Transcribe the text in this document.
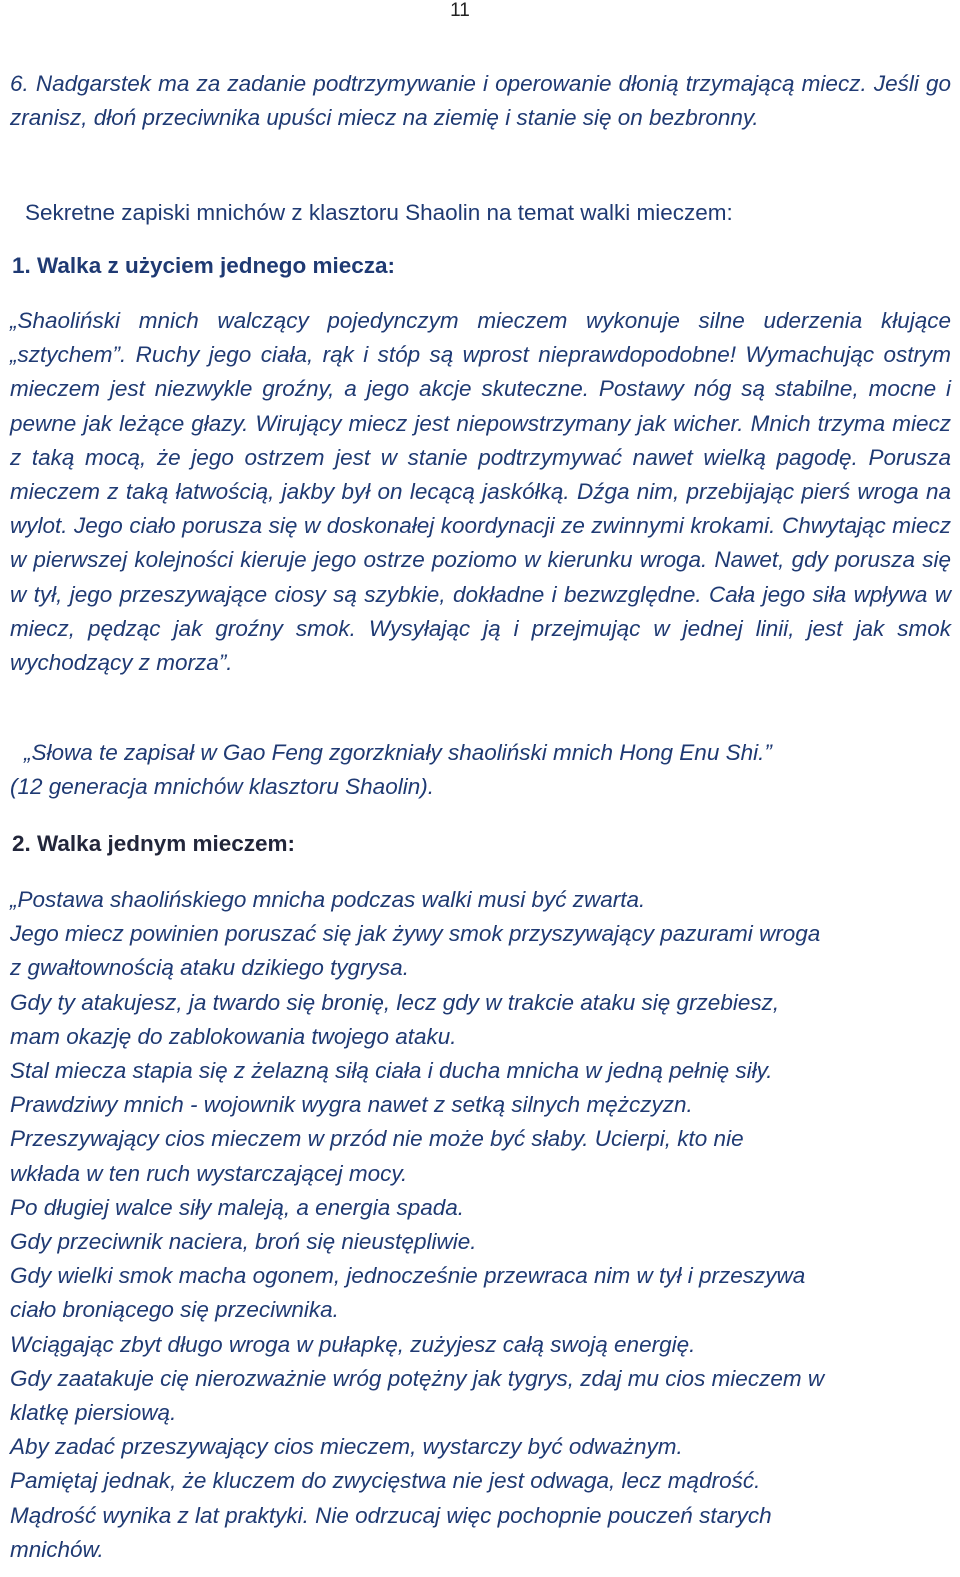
11

6. Nadgarstek ma za zadanie podtrzymywanie i operowanie dłonią trzymającą miecz. Jeśli go zranisz, dłoń przeciwnika upuści miecz na ziemię i stanie się on bezbronny.

Sekretne zapiski mnichów z klasztoru Shaolin na temat walki mieczem:

1. Walka z użyciem jednego miecza:

„Shaoliński mnich walczący pojedynczym mieczem wykonuje silne uderzenia kłujące „sztychem”. Ruchy jego ciała, rąk i stóp są wprost nieprawdopodobne! Wymachując ostrym mieczem jest niezwykle groźny, a jego akcje skuteczne. Postawy nóg są stabilne, mocne i pewne jak leżące głazy. Wirujący miecz jest niepowstrzymany jak wicher. Mnich trzyma miecz z taką mocą, że jego ostrzem jest w stanie podtrzymywać nawet wielką pagodę. Porusza mieczem z taką łatwością, jakby był on lecącą jaskółką. Dźga nim, przebijając pierś wroga na wylot. Jego ciało porusza się w doskonałej koordynacji ze zwinnymi krokami. Chwytając miecz w pierwszej kolejności kieruje jego ostrze poziomo w kierunku wroga. Nawet, gdy porusza się w tył, jego przeszywające ciosy są szybkie, dokładne i bezwzględne. Cała jego siła wpływa w miecz, pędząc jak groźny smok. Wysyłając ją i przejmując w jednej linii, jest jak smok wychodzący z morza”.

„Słowa te zapisał w Gao Feng zgorzkniały shaoliński mnich Hong Enu Shi.”
(12 generacja mnichów klasztoru Shaolin).

2. Walka jednym mieczem:

„Postawa shaolińskiego mnicha podczas walki musi być zwarta.
Jego miecz powinien poruszać się jak żywy smok przyszywający pazurami wroga
z gwałtownością ataku dzikiego tygrysa.
Gdy ty atakujesz, ja twardo się bronię, lecz gdy w trakcie ataku się grzebiesz,
mam okazję do zablokowania twojego ataku.
Stal miecza stapia się z żelazną siłą ciała i ducha mnicha w jedną pełnię siły.
Prawdziwy mnich - wojownik wygra nawet z setką silnych mężczyzn.
Przeszywający cios mieczem w przód nie może być słaby. Ucierpi, kto nie
wkłada w ten ruch wystarczającej mocy.
Po długiej walce siły maleją, a energia spada.
Gdy przeciwnik naciera, broń się nieustępliwie.
Gdy wielki smok macha ogonem, jednocześnie przewraca nim w tył i przeszywa
ciało broniącego się przeciwnika.
Wciągając zbyt długo wroga w pułapkę, zużyjesz całą swoją energię.
Gdy zaatakuje cię nierozważnie wróg potężny jak tygrys, zdaj mu cios mieczem w
klatkę piersiową.
Aby zadać przeszywający cios mieczem, wystarczy być odważnym.
Pamiętaj jednak, że kluczem do zwycięstwa nie jest odwaga, lecz mądrość.
Mądrość wynika z lat praktyki. Nie odrzucaj więc pochopnie pouczeń starych
mnichów.
